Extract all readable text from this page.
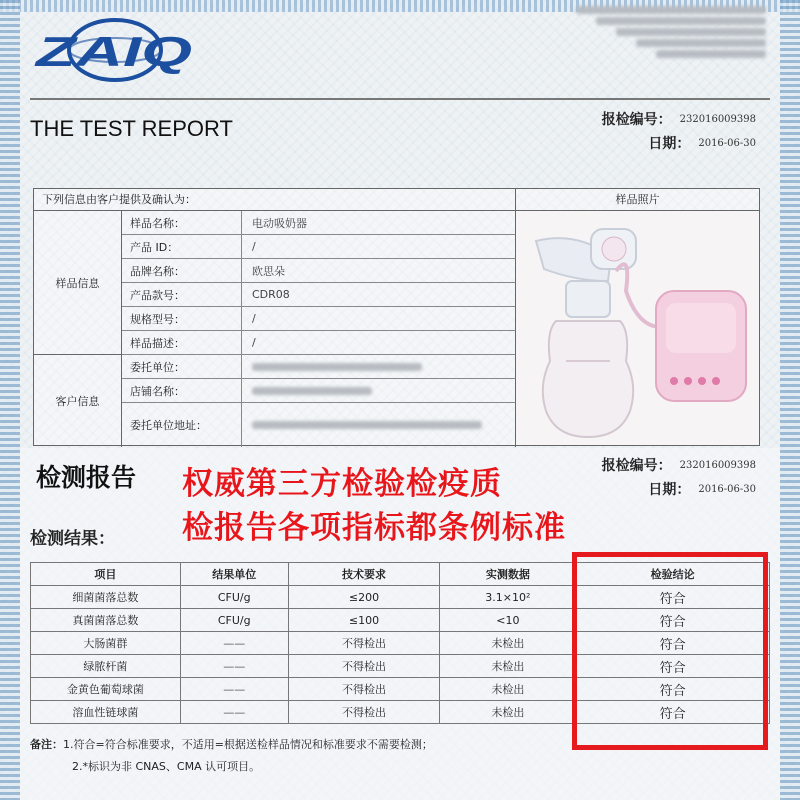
ZAIQ

THE TEST REPORT	报检编号： 232016009398
日期： 2016-06-30
下列信息由客户提供及确认为：	样品照片
样品信息
客户信息
样品名称：	电动吸奶器
产品 ID：	/
品牌名称：	欧思朵
产品款号：	CDR08
规格型号：	/
样品描述：	/
委托单位：
店铺名称：
委托单位地址：
检测报告 权威第三方检验检疫质
检报告各项指标都条例标准
报检编号： 232016009398
日期： 2016-06-30
检测结果：
项目	结果单位	技术要求	实测数据	检验结论
细菌菌落总数	CFU/g	≤200	3.1×10²	符合
真菌菌落总数	CFU/g	≤100	<10	符合
大肠菌群	——	不得检出	未检出	符合
绿脓杆菌	——	不得检出	未检出	符合
金黄色葡萄球菌	——	不得检出	未检出	符合
溶血性链球菌	——	不得检出	未检出	符合
备注：1.符合=符合标准要求，不适用=根据送检样品情况和标准要求不需要检测；
2.*标识为非 CNAS、CMA 认可项目。
